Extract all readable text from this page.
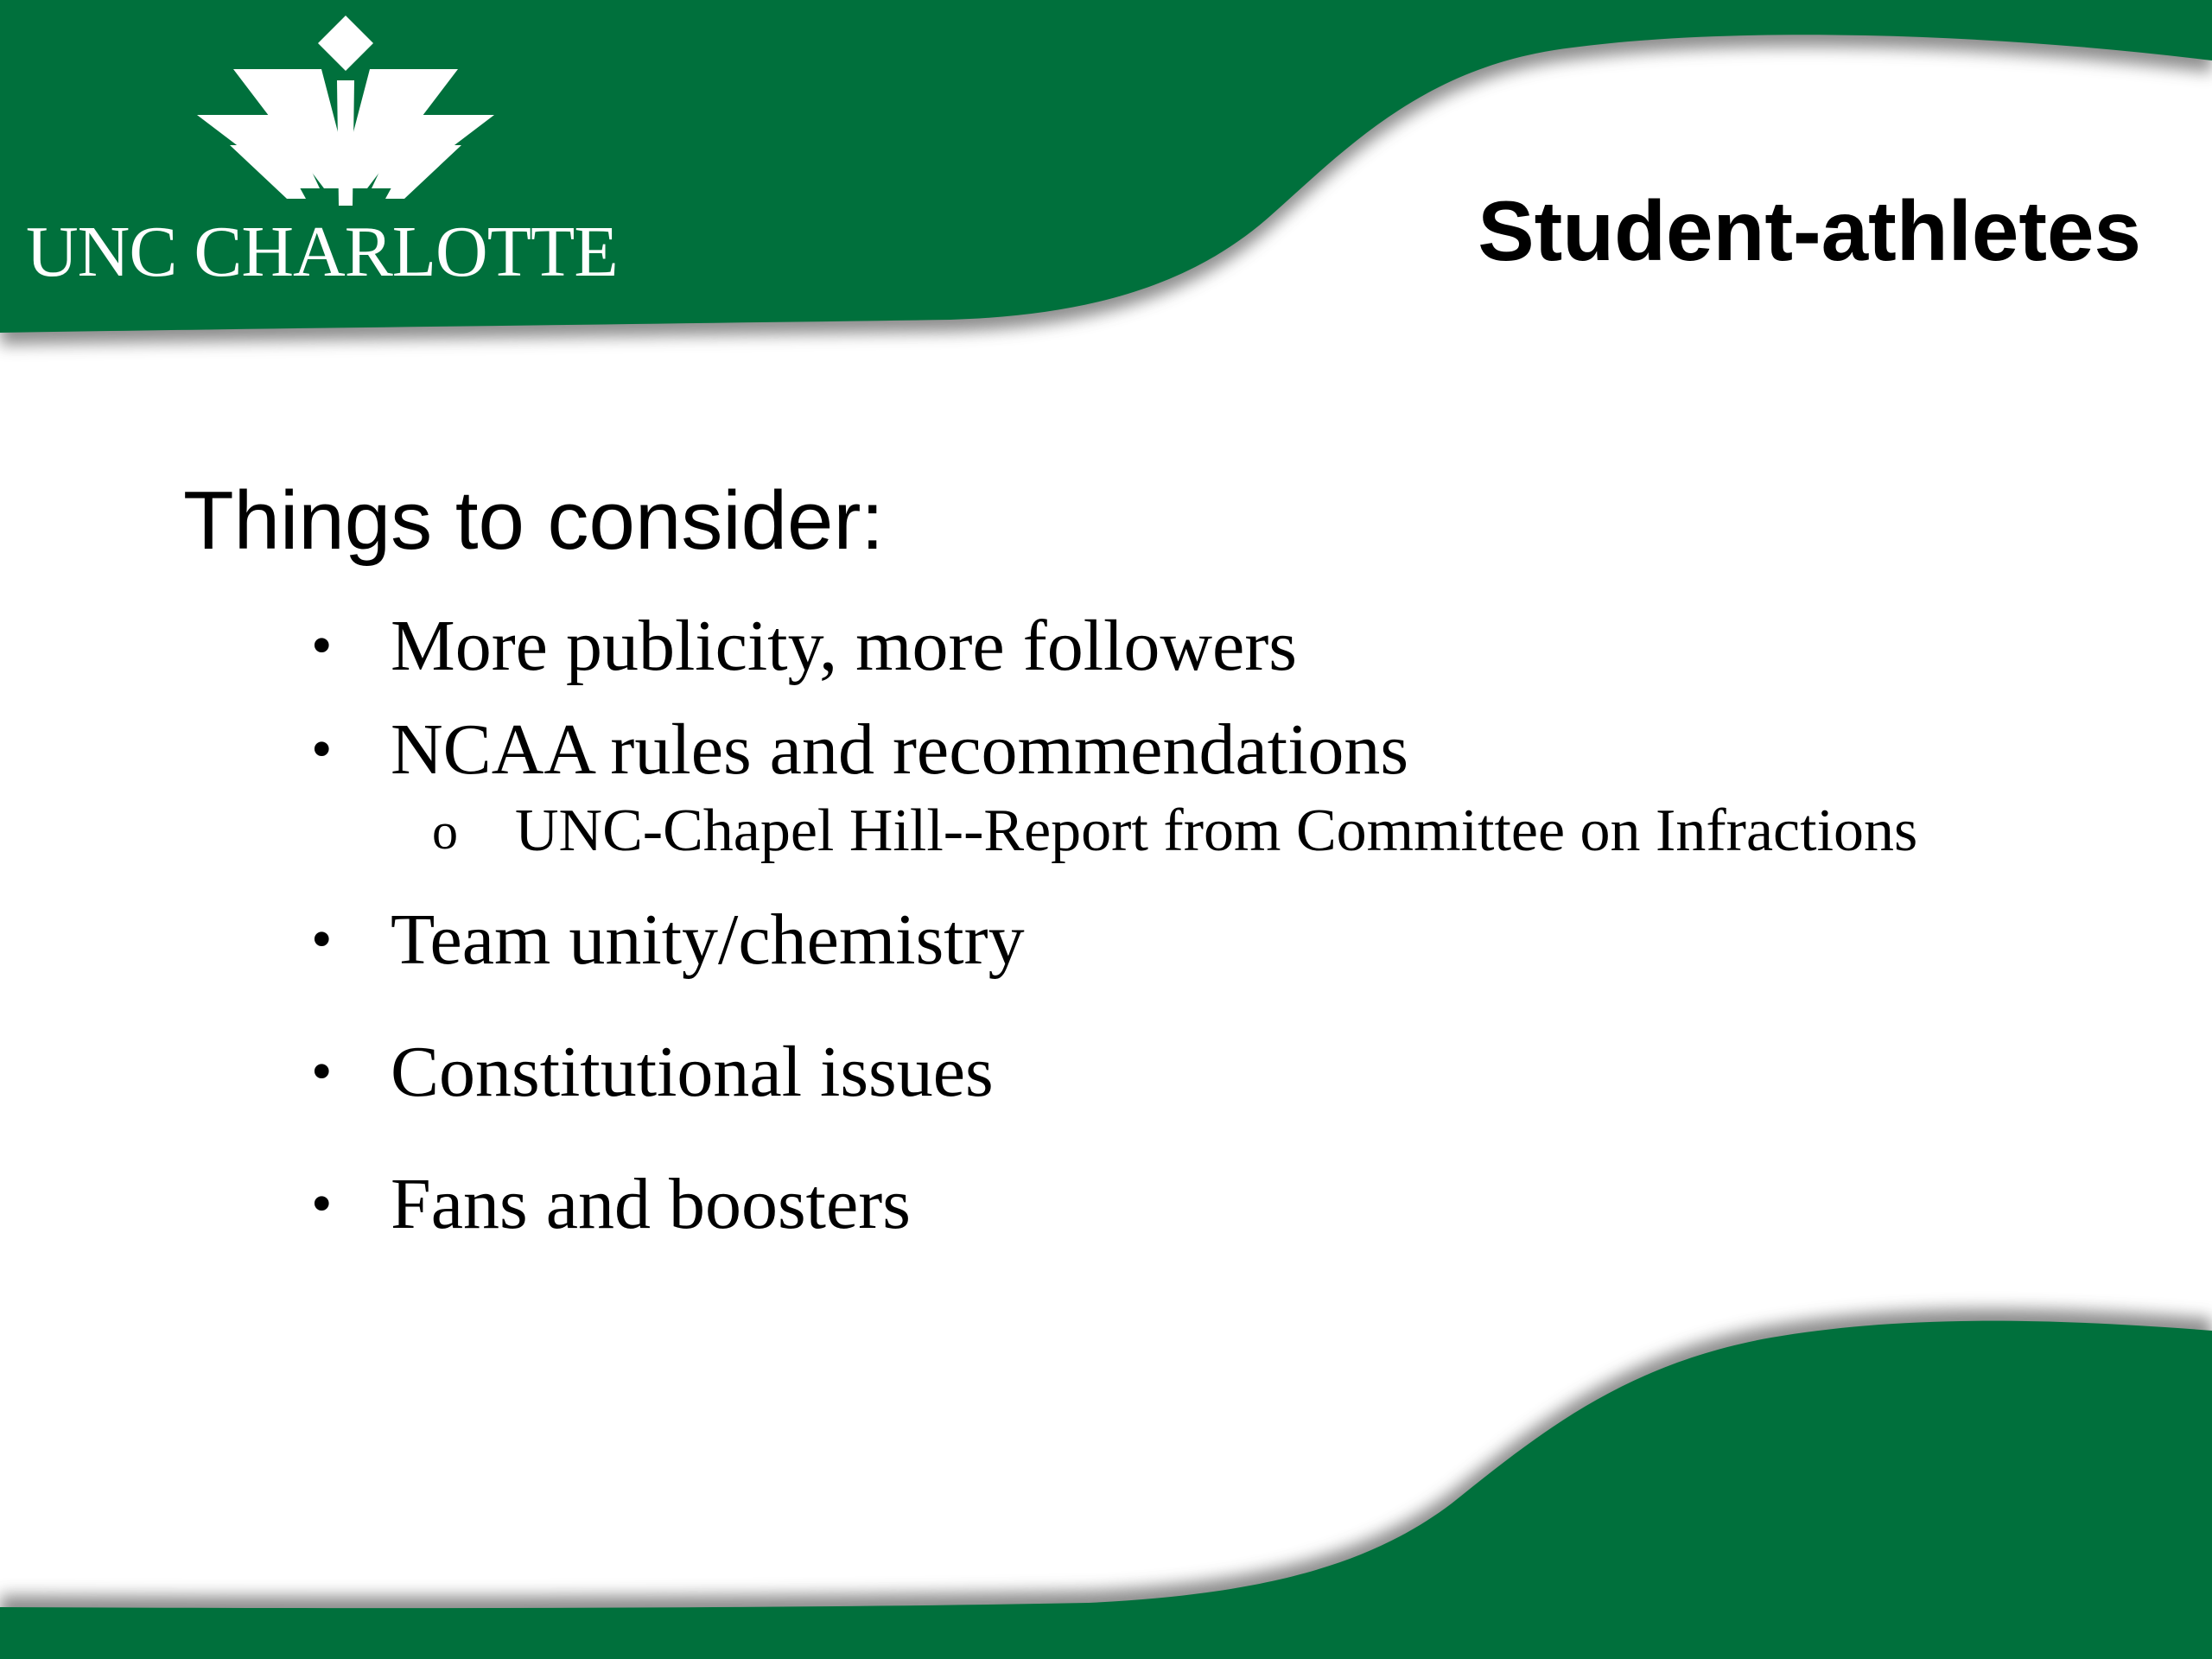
UNC CHARLOTTE	Student-athletes

Things to consider:

• More publicity, more followers
• NCAA rules and recommendations
o UNC-Chapel Hill--Report from Committee on Infractions
• Team unity/chemistry
• Constitutional issues
• Fans and boosters
